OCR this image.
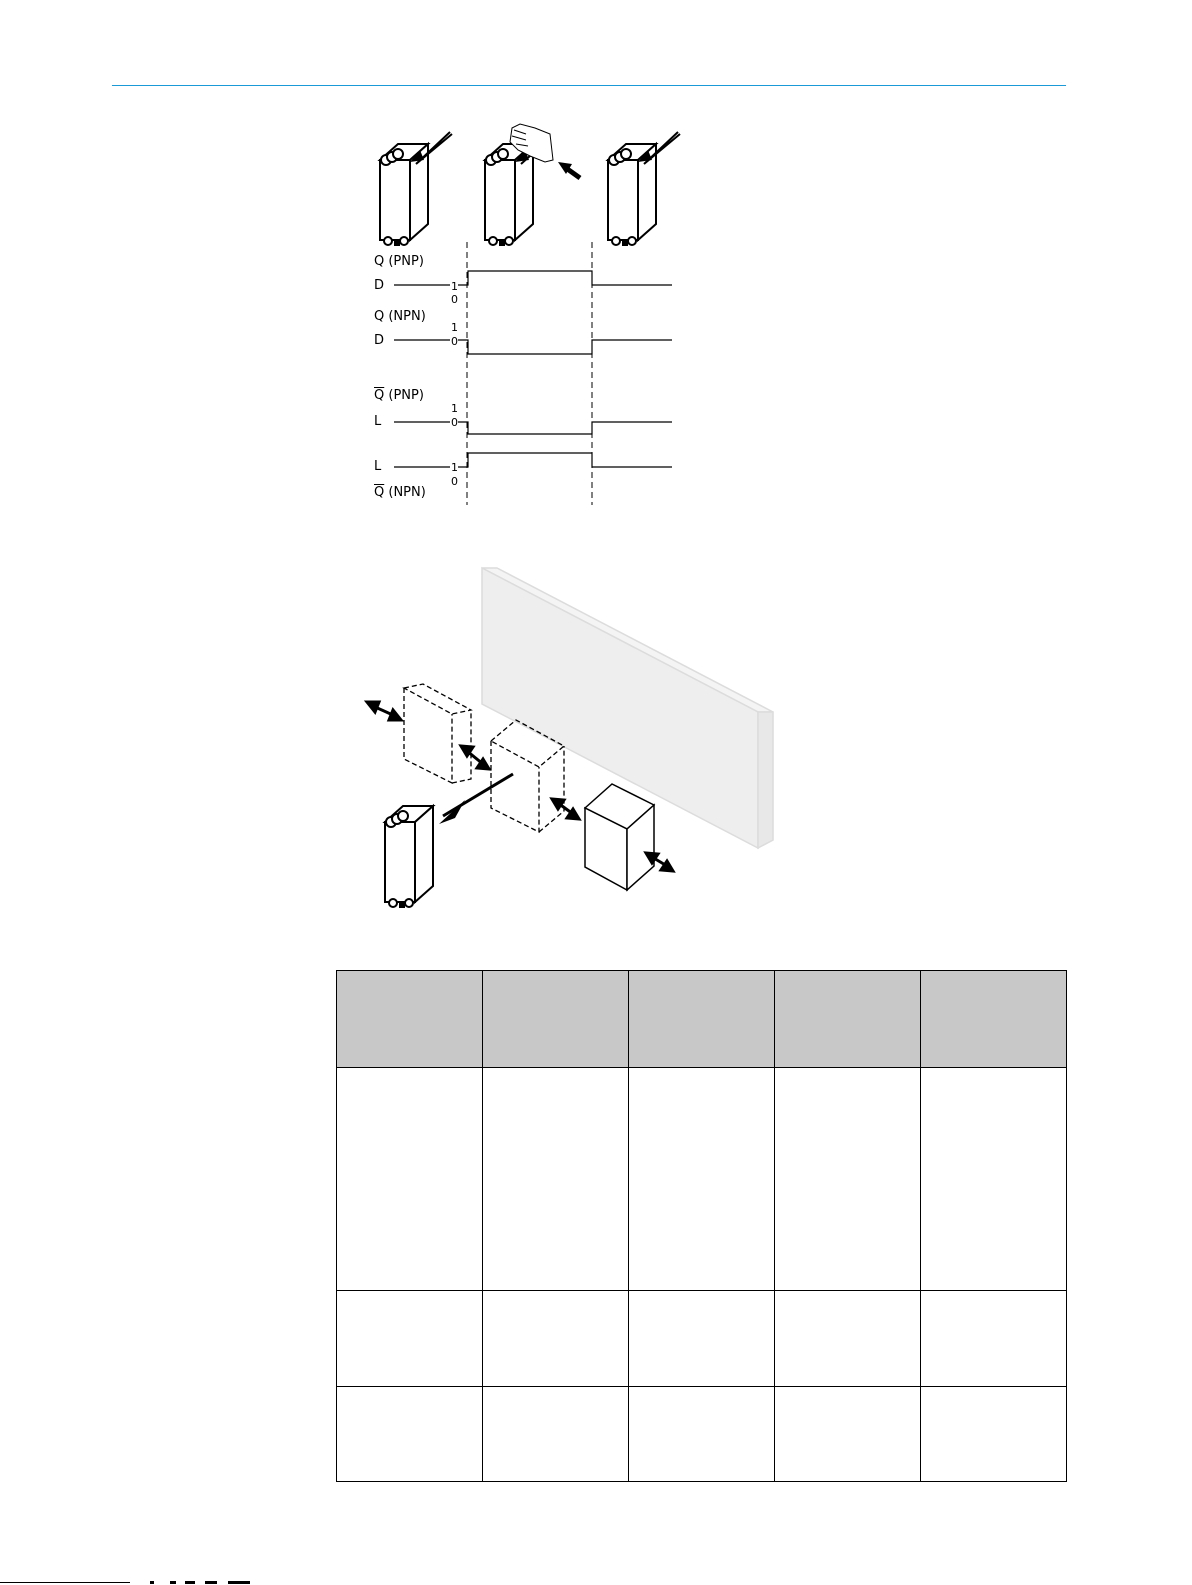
Q (PNP)
D	1
0
Q (NPN)
1
D	0
$\overline{Q}$ (PNP)
1
L	0
L	1
0
$\overline{Q}$ (NPN)
